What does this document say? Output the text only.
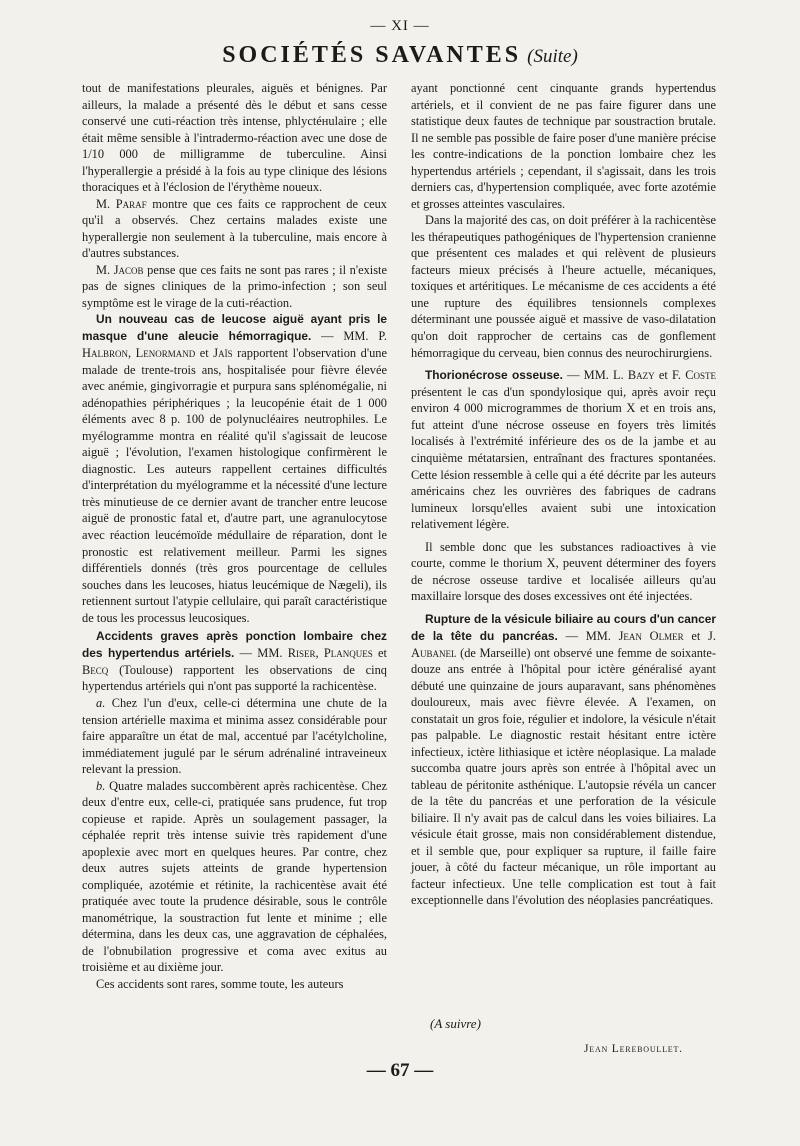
— XI —
SOCIÉTÉS SAVANTES (Suite)

tout de manifestations pleurales, aiguës et bénignes. Par ailleurs, la malade a présenté dès le début et sans cesse conservé une cuti-réaction très intense, phlyctéнulaire ; elle était même sensible à l'intradermo-réaction avec une dose de 1/10 000 de milligramme de tuberculine. Ainsi l'hyperallergie a présidé à la fois au type clinique des lésions thoraciques et à l'éclosion de l'érythème noueux.

M. Paraf montre que ces faits ce rapprochent de ceux qu'il a observés. Chez certains malades existe une hyperallergie non seulement à la tuberculine, mais encore à d'autres substances.

M. Jacob pense que ces faits ne sont pas rares ; il n'existe pas de signes cliniques de la primo-infection ; son seul symptôme est le virage de la cuti-réaction.

Un nouveau cas de leucose aiguë ayant pris le masque d'une aleucie hémorragique. — MM. P. Halbron, Lenormand et Jaïs rapportent l'observation d'une malade de trente-trois ans, hospitalisée pour fièvre élevée avec anémie, gingivorragie et purpura sans splénomégalie, ni adénopathies périphériques ; la leucopénie était de 1 000 éléments avec 8 p. 100 de polynucléaires neutrophiles. Le myélogramme montra en réalité qu'il s'agissait de leucose aiguë ; l'évolution, l'examen histologique confirmèrent le diagnostic. Les auteurs rappellent certaines difficultés d'interprétation du myélogramme et la nécessité d'une lecture très minutieuse de ce dernier avant de trancher entre leucose aiguë de pronostic fatal et, d'autre part, une agranulocytose avec réaction leucémoïde médullaire de réparation, dont le pronostic est relativement meilleur. Parmi les signes différentiels donnés (très gros pourcentage de cellules souches dans les leucoses, hiatus leucémique de Nægeli), ils retiennent surtout l'atypie cellulaire, qui paraît caractéristique de tous les processus leucosiques.

Accidents graves après ponction lombaire chez des hypertendus artériels. — MM. Riser, Planques et Becq (Toulouse) rapportent les observations de cinq hypertendus artériels qui n'ont pas supporté la rachicentèse.

a. Chez l'un d'eux, celle-ci détermina une chute de la tension artérielle maxima et minima assez considérable pour faire apparaître un état de mal, accentué par l'acétylcholine, immédiatement jugulé par le sérum adrénaliné intraveineux relevant la pression.

b. Quatre malades succombèrent après rachicentèse. Chez deux d'entre eux, celle-ci, pratiquée sans prudence, fut trop copieuse et rapide. Après un soulagement passager, la céphalée reprit très intense suivie très rapidement d'une apoplexie avec mort en quelques heures. Par contre, chez deux autres sujets atteints de grande hypertension compliquée, azotémie et rétinite, la rachicentèse avait été pratiquée avec toute la prudence désirable, sous le contrôle manométrique, la soustraction fut lente et minime ; elle détermina, dans les deux cas, une aggravation de céphalées, de l'obnubilation progressive et coma avec exitus au troisième et au dixième jour.

Ces accidents sont rares, somme toute, les auteurs

ayant ponctionné cent cinquante grands hypertendus artériels, et il convient de ne pas faire figurer dans une statistique deux fautes de technique par soustraction brutale. Il ne semble pas possible de faire poser d'une manière précise les contre-indications de la ponction lombaire chez les hypertendus artériels ; cependant, il s'agissait, dans les trois derniers cas, d'hypertension compliquée, avec forte azotémie et grosses atteintes vasculaires.

Dans la majorité des cas, on doit préférer à la rachicentèse les thérapeutiques pathogéniques de l'hypertension cranienne que présentent ces malades et qui relèvent de plusieurs facteurs mieux précisés à l'heure actuelle, mécaniques, toxiques et artéritiques. Le mécanisme de ces accidents a été une rupture des équilibres tensionnels complexes déterminant une poussée aiguë et massive de vaso-dilatation qu'on doit rapprocher de certains cas de gonflement hémorragique du cerveau, bien connus des neurochirurgiens.

Thorionécrose osseuse. — MM. L. Bazy et F. Coste présentent le cas d'un spondylosique qui, après avoir reçu environ 4 000 microgrammes de thorium X et en trois ans, fut atteint d'une nécrose osseuse en foyers très limités localisés à l'extrémité inférieure des os de la jambe et au cinquième métatarsien, entraînant des fractures spontanées. Cette lésion ressemble à celle qui a été décrite par les auteurs américains chez les ouvrières des fabriques de cadrans lumineux lorsqu'elles avaient subi une intoxication relativement légère.

Il semble donc que les substances radioactives à vie courte, comme le thorium X, peuvent déterminer des foyers de nécrose osseuse tardive et localisée ailleurs qu'au maxillaire lorsque des doses excessives ont été injectées.

Rupture de la vésicule biliaire au cours d'un cancer de la tête du pancréas. — MM. Jean Olmer et J. Aubanel (de Marseille) ont observé une femme de soixante-douze ans entrée à l'hôpital pour ictère généralisé ayant débuté une quinzaine de jours auparavant, sans phénomènes douloureux, mais avec fièvre élevée. A l'examen, on constatait un gros foie, régulier et indolore, la vésicule n'était pas palpable. Le diagnostic restait hésitant entre ictère infectieux, ictère lithiasique et ictère néoplasique. La malade succomba quatre jours après son entrée à l'hôpital avec un tableau de péritonite asthénique. L'autopsie révéla un cancer de la tête du pancréas et une perforation de la vésicule biliaire. Il n'y avait pas de calcul dans les voies biliaires. La vésicule était grosse, mais non considérablement distendue, et il semble que, pour expliquer sa rupture, il faille faire jouer, à côté du facteur mécanique, un rôle important au facteur infectieux. Une telle complication est tout à fait exceptionnelle dans l'évolution des néoplasies pancréatiques.

(A suivre)
Jean Lereboullet.
— 67 —
